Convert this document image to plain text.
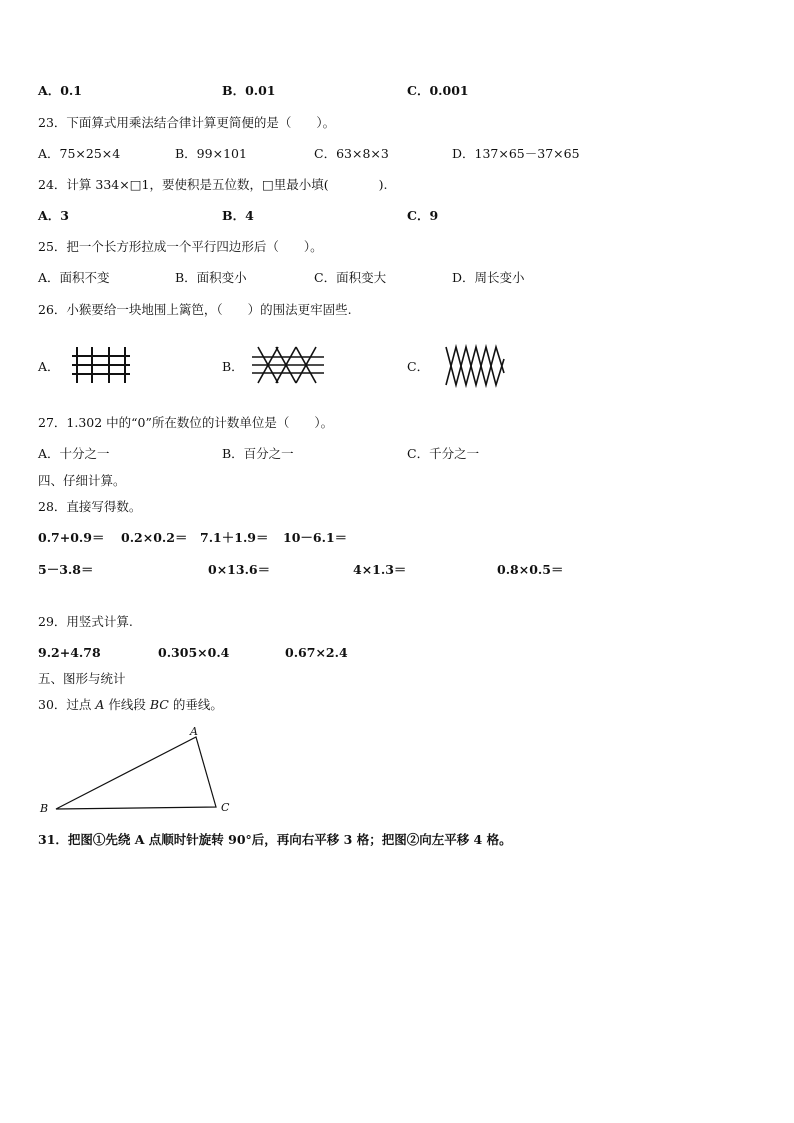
A．0.1	B．0.01	C．0.001
23．下面算式用乘法结合律计算更简便的是（　　）。
A．75×25×4	B．99×101	C．63×8×3	D．137×65－37×65
24．计算 334×□1，要使积是五位数，□里最小填(　　　　).
A．3	B．4	C．9
25．把一个长方形拉成一个平行四边形后（　　）。
A．面积不变	B．面积变小	C．面积变大	D．周长变小
26．小猴要给一块地围上篱笆，（　　）的围法更牢固些.
A．	B．	C．
27．1.302 中的“0”所在数位的计数单位是（　　）。
A．十分之一	B．百分之一	C．千分之一
四、仔细计算。
28．直接写得数。
0.7+0.9＝ 0.2×0.2＝ 7.1＋1.9＝ 10－6.1＝
5－3.8＝	0×13.6＝	4×1.3＝	0.8×0.5＝
29．用竖式计算.
9.2+4.78	0.305×0.4	0.67×2.4
五、图形与统计
30．过点 A 作线段 BC 的垂线。
A
B	C
31．把图①先绕 A 点顺时针旋转 90°后，再向右平移 3 格；把图②向左平移 4 格。
